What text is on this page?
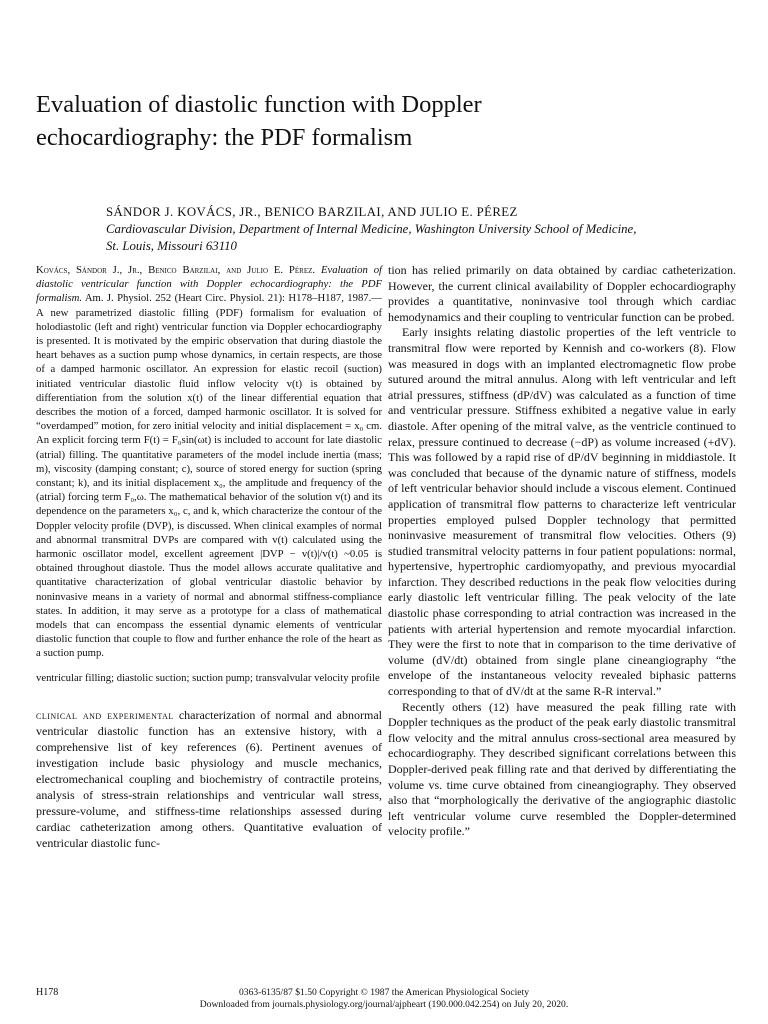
Evaluation of diastolic function with Doppler
echocardiography: the PDF formalism
SÁNDOR J. KOVÁCS, JR., BENICO BARZILAI, AND JULIO E. PÉREZ
Cardiovascular Division, Department of Internal Medicine, Washington University School of Medicine,
St. Louis, Missouri 63110

Kovács, Sándor J., Jr., Benico Barzilai, and Julio E. Pérez. Evaluation of diastolic ventricular function with Doppler echocardiography: the PDF formalism. Am. J. Physiol. 252 (Heart Circ. Physiol. 21): H178–H187, 1987.—A new parametrized diastolic filling (PDF) formalism for evaluation of holodiastolic (left and right) ventricular function via Doppler echocardiography is presented. It is motivated by the empiric observation that during diastole the heart behaves as a suction pump whose dynamics, in certain respects, are those of a damped harmonic oscillator. An expression for elastic recoil (suction) initiated ventricular diastolic fluid inflow velocity v(t) is obtained by differentiation from the solution x(t) of the linear differential equation that describes the motion of a forced, damped harmonic oscillator. It is solved for “overdamped” motion, for zero initial velocity and initial displacement = x₀ cm. An explicit forcing term F(t) = F₀sin(ωt) is included to account for late diastolic (atrial) filling. The quantitative parameters of the model include inertia (mass; m), viscosity (damping constant; c), source of stored energy for suction (spring constant; k), and its initial displacement x₀, the amplitude and frequency of the (atrial) forcing term F₀,ω. The mathematical behavior of the solution v(t) and its dependence on the parameters x₀, c, and k, which characterize the contour of the Doppler velocity profile (DVP), is discussed. When clinical examples of normal and abnormal transmitral DVPs are compared with v(t) calculated using the harmonic oscillator model, excellent agreement |DVP − v(t)|/v(t) ~0.05 is obtained throughout diastole. Thus the model allows accurate qualitative and quantitative characterization of global ventricular diastolic behavior by noninvasive means in a variety of normal and abnormal stiffness-compliance states. In addition, it may serve as a prototype for a class of mathematical models that can encompass the essential dynamic elements of ventricular diastolic function that couple to flow and further enhance the role of the heart as a suction pump.

ventricular filling; diastolic suction; suction pump; transvalvular velocity profile

clinical and experimental characterization of normal and abnormal ventricular diastolic function has an extensive history, with a comprehensive list of key references (6). Pertinent avenues of investigation include basic physiology and muscle mechanics, electromechanical coupling and biochemistry of contractile proteins, analysis of stress-strain relationships and ventricular wall stress, pressure-volume, and stiffness-time relationships assessed during cardiac catheterization among others. Quantitative evaluation of ventricular diastolic func-

tion has relied primarily on data obtained by cardiac catheterization. However, the current clinical availability of Doppler echocardiography provides a quantitative, noninvasive tool through which cardiac hemodynamics and their coupling to ventricular function can be probed.

Early insights relating diastolic properties of the left ventricle to transmitral flow were reported by Kennish and co-workers (8). Flow was measured in dogs with an implanted electromagnetic flow probe sutured around the mitral annulus. Along with left ventricular and left atrial pressures, stiffness (dP/dV) was calculated as a function of time and ventricular pressure. Stiffness exhibited a negative value in early diastole. After opening of the mitral valve, as the ventricle continued to relax, pressure continued to decrease (−dP) as volume increased (+dV). This was followed by a rapid rise of dP/dV beginning in middiastole. It was concluded that because of the dynamic nature of stiffness, models of left ventricular behavior should include a viscous element. Continued application of transmitral flow patterns to characterize left ventricular properties employed pulsed Doppler technology that permitted noninvasive measurement of transmitral flow velocities. Others (9) studied transmitral velocity patterns in four patient populations: normal, hypertensive, hypertrophic cardiomyopathy, and previous myocardial infarction. They described reductions in the peak flow velocities during early diastolic left ventricular filling. The peak velocity of the late diastolic phase corresponding to atrial contraction was increased in the patients with arterial hypertension and remote myocardial infarction. They were the first to note that in comparison to the time derivative of volume (dV/dt) obtained from single plane cineangiography “the envelope of the instantaneous velocity revealed biphasic patterns corresponding to that of dV/dt at the same R-R interval.”

Recently others (12) have measured the peak filling rate with Doppler techniques as the product of the peak early diastolic transmitral flow velocity and the mitral annulus cross-sectional area measured by echocardiography. They described significant correlations between this Doppler-derived peak filling rate and that derived by differentiating the volume vs. time curve obtained from cineangiography. They observed also that “morphologically the derivative of the angiographic diastolic left ventricular volume curve resembled the Doppler-determined velocity profile.”

H178	0363-6135/87 $1.50 Copyright © 1987 the American Physiological Society
Downloaded from journals.physiology.org/journal/ajpheart (190.000.042.254) on July 20, 2020.
